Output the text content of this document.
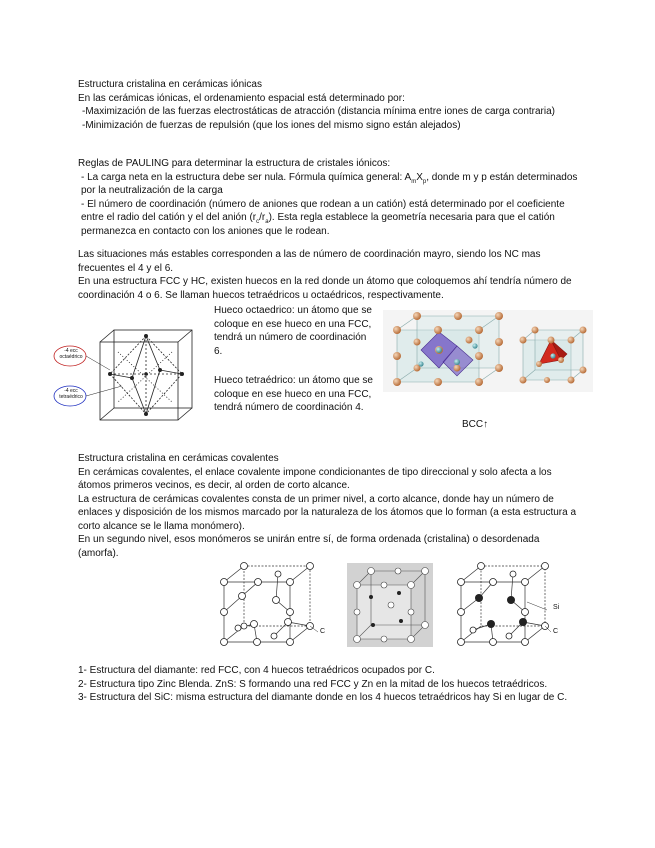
Estructura cristalina en cerámicas iónicas

En las cerámicas iónicas, el ordenamiento espacial está determinado por:

-Maximización de las fuerzas electrostáticas de atracción (distancia mínima entre iones de carga contraria)

-Minimización de fuerzas de repulsión (que los iones del mismo signo están alejados)

Reglas de PAULING para determinar la estructura de cristales iónicos:

- La carga neta en la estructura debe ser nula. Fórmula química general: $A_mX_p$, donde m y p están determinados por la neutralización de la carga

- El número de coordinación (número de aniones que rodean a un catión) está determinado por el coeficiente entre el radio del catión y el del anión $(r_c/r_a)$. Esta regla establece la geometría necesaria para que el catión permanezca en contacto con los aniones que le rodean.

Las situaciones más estables corresponden a las de número de coordinación mayro, siendo los NC mas frecuentes el 4 y el 6.

En una estructura FCC y HC, existen huecos en la red donde un átomo que coloquemos ahí tendría número de coordinación 4 o 6. Se llaman huecos tetraédricos u octaédricos, respectivamente.

-4 ecc octaédrico
-4 ecc tetraédrico
Hueco octaedrico: un átomo que se coloque en ese hueco en una FCC, tendrá un número de coordinación 6.
Hueco tetraédrico: un átomo que se coloque en ese hueco en una FCC, tendrá número de coordinación 4.
BCC↑

Estructura cristalina en cerámicas covalentes

En cerámicas covalentes, el enlace covalente impone condicionantes de tipo direccional y solo afecta a los átomos primeros vecinos, es decir, al orden de corto alcance.

La estructura de cerámicas covalentes consta de un primer nivel, a corto alcance, donde hay un número de enlaces y disposición de los mismos marcado por la naturaleza de los átomos que lo forman (a esta estructura a corto alcance se le llama monómero).

En un segundo nivel, esos monómeros se unirán entre sí, de forma ordenada (cristalina) o desordenada (amorfa).

C
Si
C

1- Estructura del diamante: red FCC, con 4 huecos tetraédricos ocupados por C.

2- Estructura tipo Zinc Blenda. ZnS: S formando una red FCC y Zn en la mitad de los huecos tetraédricos.

3- Estructura del SiC: misma estructura del diamante donde en los 4 huecos tetraédricos hay Si en lugar de C.
